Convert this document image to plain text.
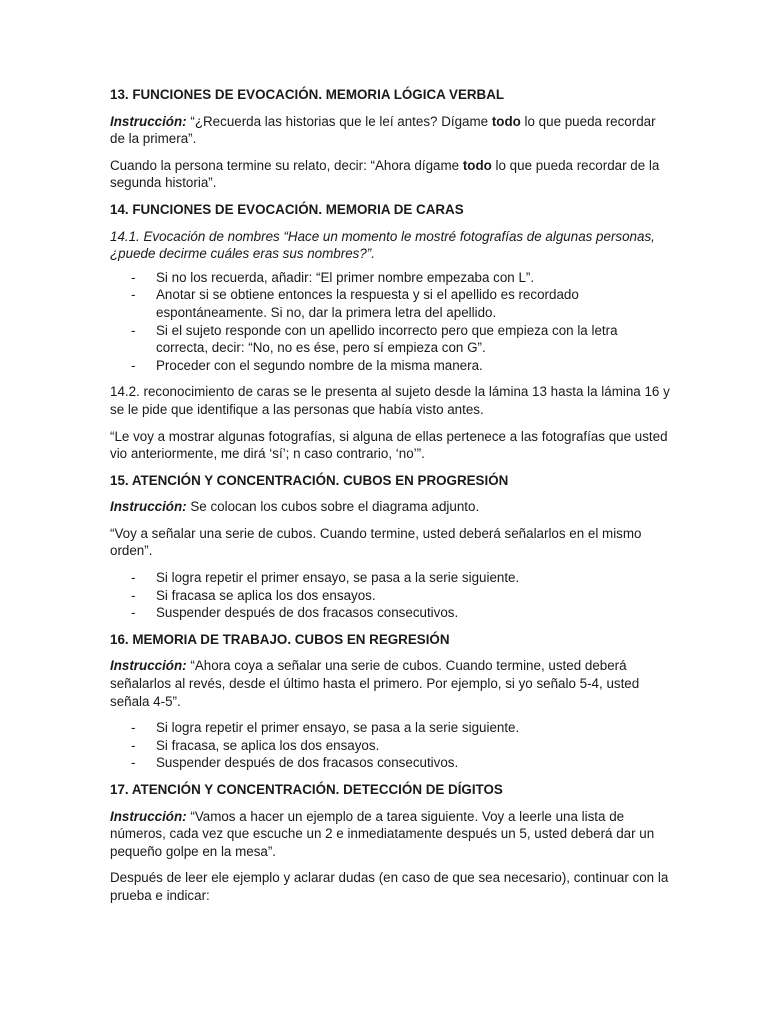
13. FUNCIONES DE EVOCACIÓN. MEMORIA LÓGICA VERBAL

Instrucción: “¿Recuerda las historias que le leí antes? Dígame todo lo que pueda recordar de la primera”.

Cuando la persona termine su relato, decir: “Ahora dígame todo lo que pueda recordar de la segunda historia”.

14. FUNCIONES DE EVOCACIÓN. MEMORIA DE CARAS

14.1. Evocación de nombres “Hace un momento le mostré fotografías de algunas personas, ¿puede decirme cuáles eras sus nombres?”.

- Si no los recuerda, añadir: “El primer nombre empezaba con L”.
- Anotar si se obtiene entonces la respuesta y si el apellido es recordado espontáneamente. Si no, dar la primera letra del apellido.
- Si el sujeto responde con un apellido incorrecto pero que empieza con la letra correcta, decir: “No, no es ése, pero sí empieza con G”.
- Proceder con el segundo nombre de la misma manera.

14.2. reconocimiento de caras se le presenta al sujeto desde la lámina 13 hasta la lámina 16 y se le pide que identifique a las personas que había visto antes.

“Le voy a mostrar algunas fotografías, si alguna de ellas pertenece a las fotografías que usted vio anteriormente, me dirá ‘sí’; n caso contrario, ‘no’”.

15. ATENCIÓN Y CONCENTRACIÓN. CUBOS EN PROGRESIÓN

Instrucción: Se colocan los cubos sobre el diagrama adjunto.

“Voy a señalar una serie de cubos. Cuando termine, usted deberá señalarlos en el mismo orden”.

- Si logra repetir el primer ensayo, se pasa a la serie siguiente.
- Si fracasa se aplica los dos ensayos.
- Suspender después de dos fracasos consecutivos.
16. MEMORIA DE TRABAJO. CUBOS EN REGRESIÓN

Instrucción: “Ahora coya a señalar una serie de cubos. Cuando termine, usted deberá señalarlos al revés, desde el último hasta el primero. Por ejemplo, si yo señalo 5-4, usted señala 4-5”.

- Si logra repetir el primer ensayo, se pasa a la serie siguiente.
- Si fracasa, se aplica los dos ensayos.
- Suspender después de dos fracasos consecutivos.
17. ATENCIÓN Y CONCENTRACIÓN. DETECCIÓN DE DÍGITOS

Instrucción: “Vamos a hacer un ejemplo de a tarea siguiente. Voy a leerle una lista de números, cada vez que escuche un 2 e inmediatamente después un 5, usted deberá dar un pequeño golpe en la mesa”.

Después de leer ele ejemplo y aclarar dudas (en caso de que sea necesario), continuar con la prueba e indicar:
